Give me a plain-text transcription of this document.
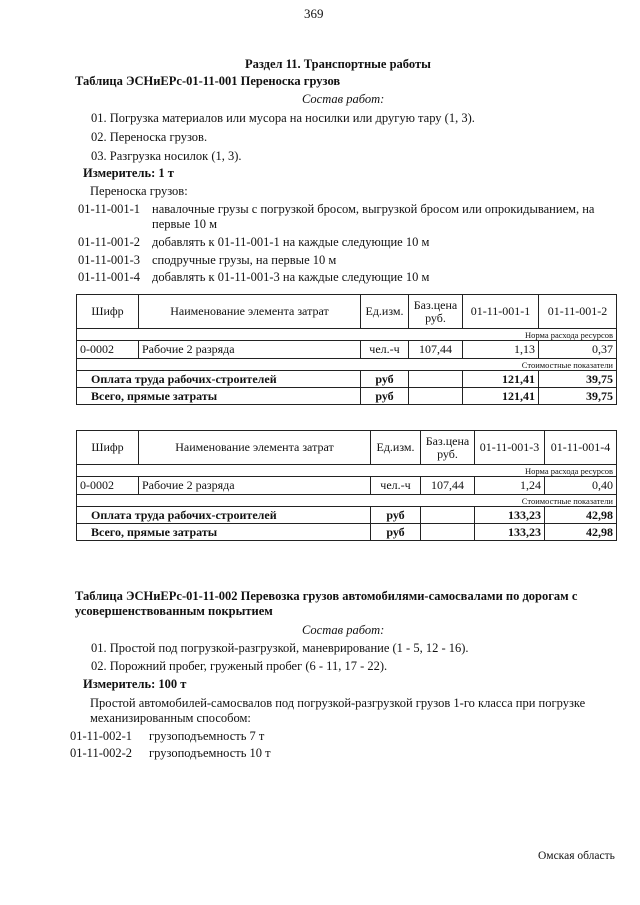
369
Раздел 11. Транспортные работы
Таблица ЭСНиЕРс-01-11-001 Переноска грузов
Состав работ:
01. Погрузка материалов или мусора на носилки или другую тару (1, 3).
02. Переноска грузов.
03. Разгрузка носилок (1, 3).
Измеритель: 1 т
Переноска грузов:
01-11-001-1 навалочные грузы с погрузкой бросом, выгрузкой бросом или опрокидыванием, на
первые 10 м
01-11-001-2 добавлять к 01-11-001-1 на каждые следующие 10 м
01-11-001-3 сподручные грузы, на первые 10 м
01-11-001-4 добавлять к 01-11-001-3 на каждые следующие 10 м
Шифр	Наименование элемента затрат	Ед.изм.	Баз.цена руб.	01-11-001-1	01-11-001-2
Норма расхода ресурсов					
0-0002	Рабочие 2 разряда	чел.-ч	107,44	1,13	0,37
Стоимостные показатели					
Оплата труда рабочих-строителей		руб		121,41	39,75
Всего, прямые затраты		руб		121,41	39,75
Шифр	Наименование элемента затрат	Ед.изм.	Баз.цена руб.	01-11-001-3	01-11-001-4
Норма расхода ресурсов					
0-0002	Рабочие 2 разряда	чел.-ч	107,44	1,24	0,40
Стоимостные показатели					
Оплата труда рабочих-строителей		руб		133,23	42,98
Всего, прямые затраты		руб		133,23	42,98
Таблица ЭСНиЕРс-01-11-002 Перевозка грузов автомобилями-самосвалами по дорогам с
усовершенствованным покрытием
Состав работ:
01. Простой под погрузкой-разгрузкой, маневрирование (1 - 5, 12 - 16).
02. Порожний пробег, груженый пробег (6 - 11, 17 - 22).
Измеритель: 100 т
Простой автомобилей-самосвалов под погрузкой-разгрузкой грузов 1-го класса при погрузке
механизированным способом:
01-11-002-1 грузоподъемность 7 т
01-11-002-2 грузоподъемность 10 т
Омская область
